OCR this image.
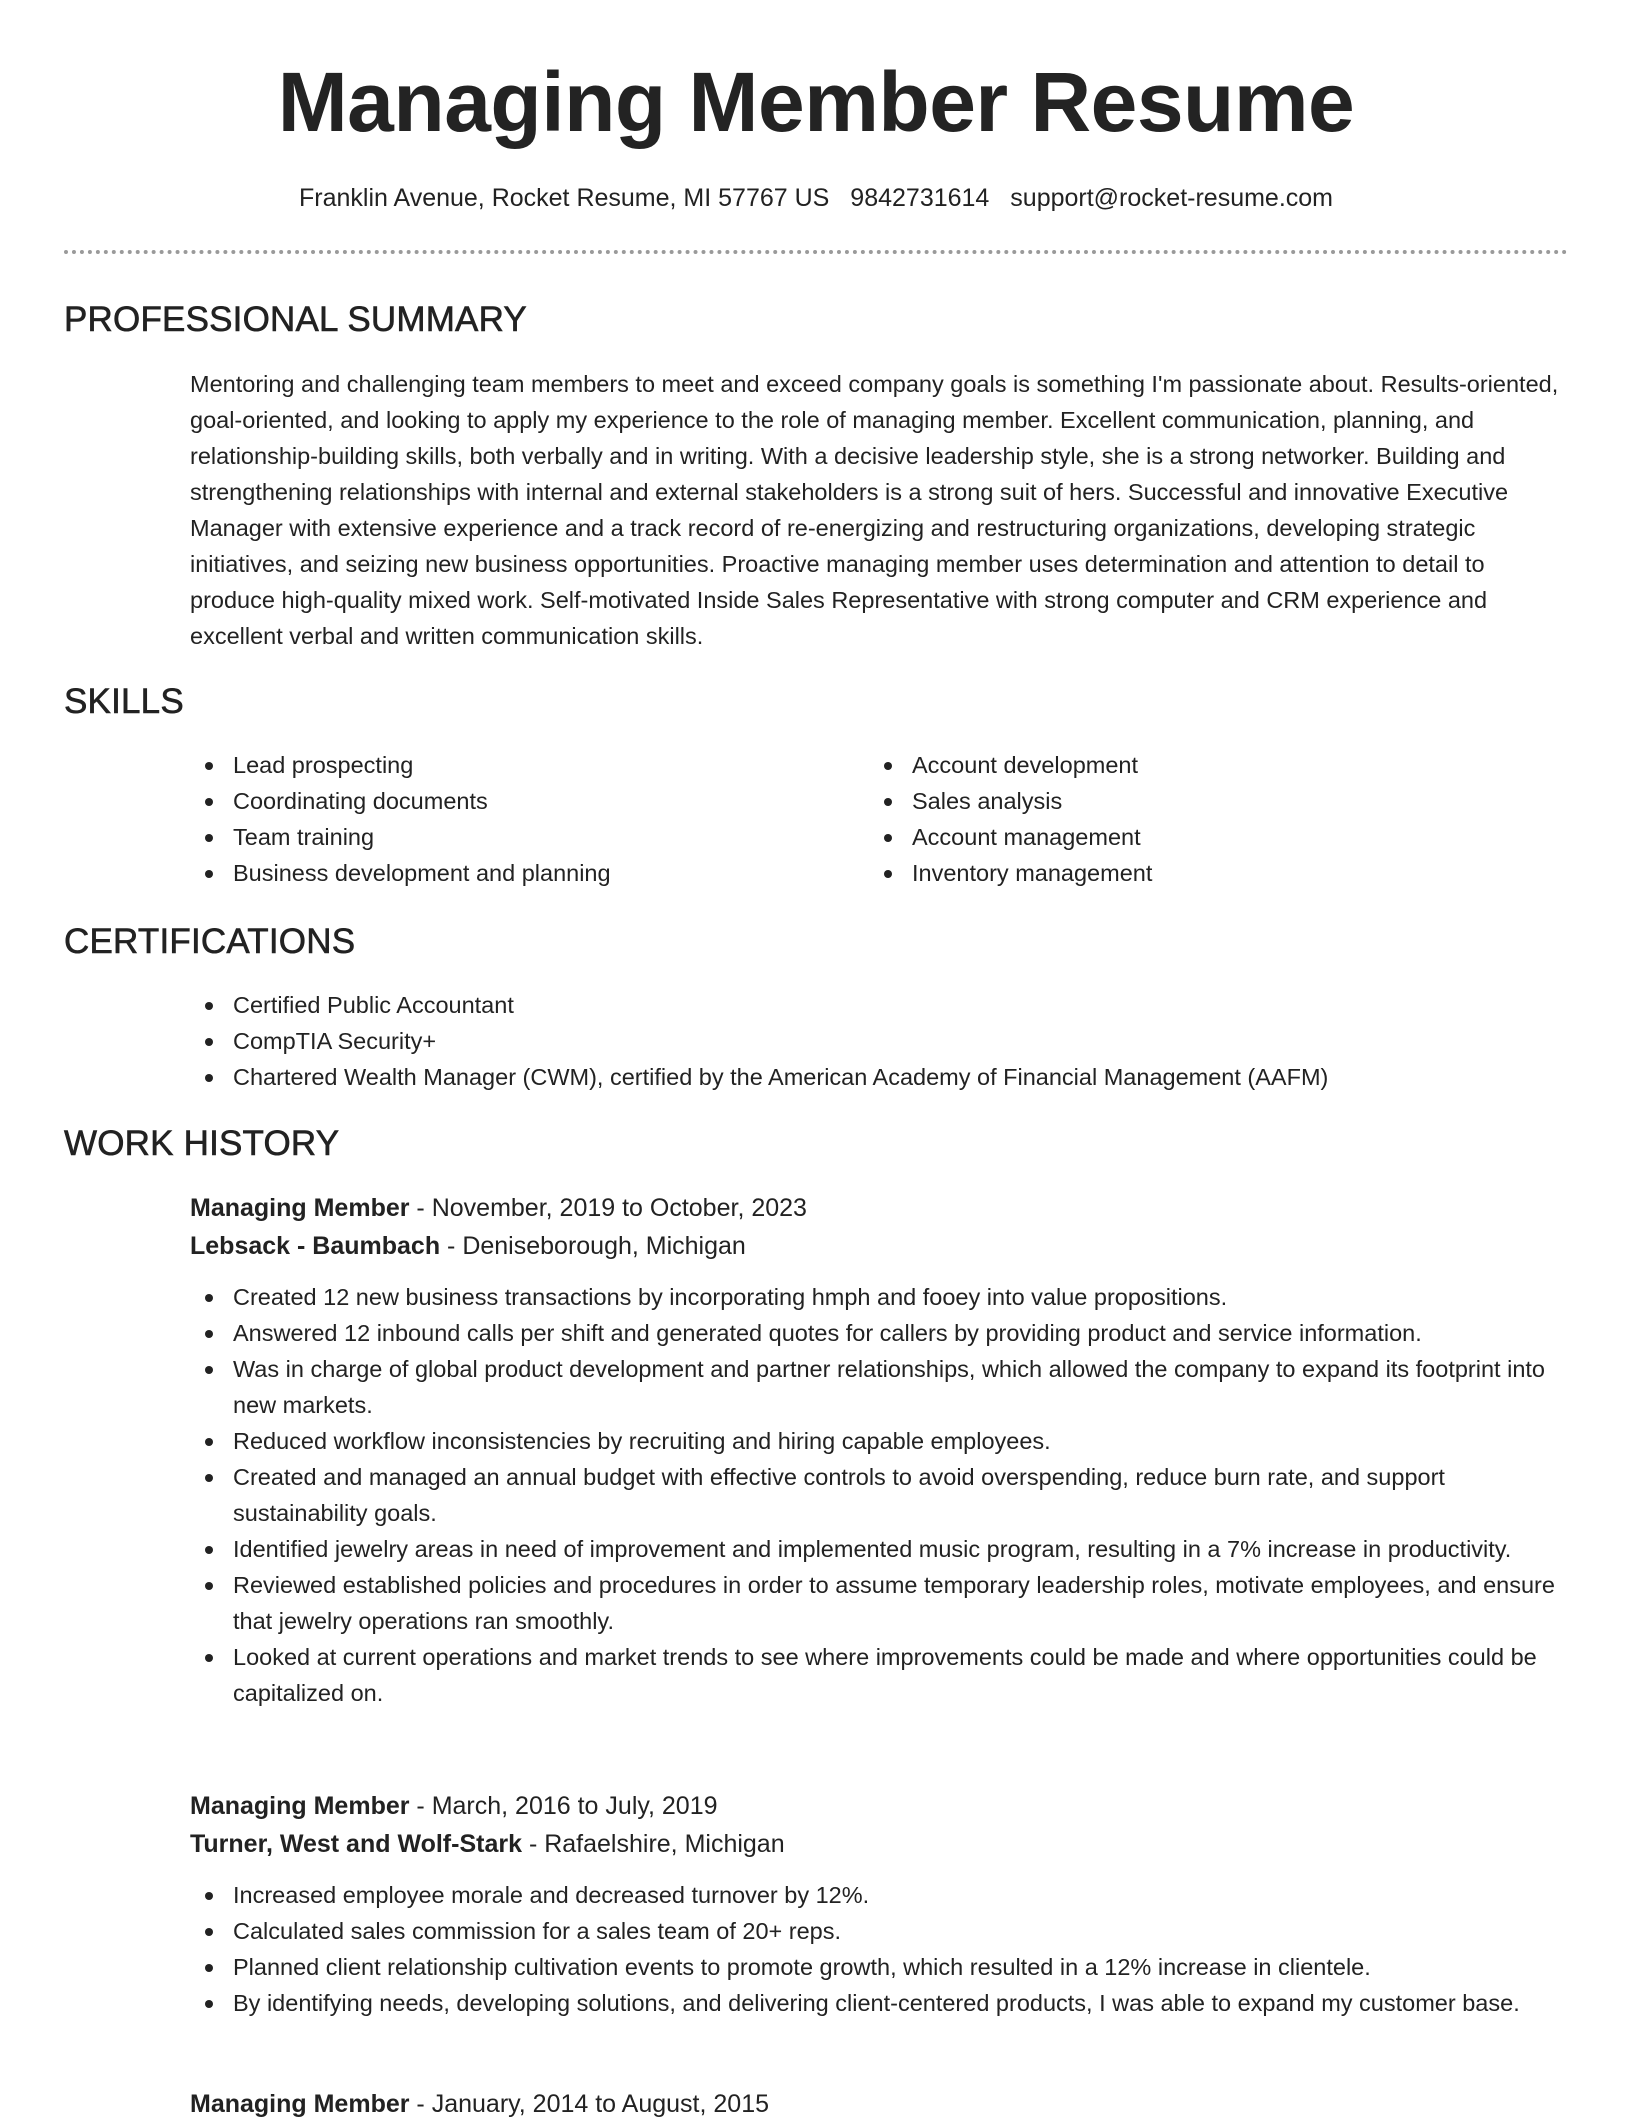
Managing Member Resume
Franklin Avenue, Rocket Resume, MI 57767 US 9842731614 support@rocket-resume.com
PROFESSIONAL SUMMARY

Mentoring and challenging team members to meet and exceed company goals is something I'm passionate about. Results-oriented, goal-oriented, and looking to apply my experience to the role of managing member. Excellent communication, planning, and relationship-building skills, both verbally and in writing. With a decisive leadership style, she is a strong networker. Building and strengthening relationships with internal and external stakeholders is a strong suit of hers. Successful and innovative Executive Manager with extensive experience and a track record of re-energizing and restructuring organizations, developing strategic initiatives, and seizing new business opportunities. Proactive managing member uses determination and attention to detail to produce high-quality mixed work. Self-motivated Inside Sales Representative with strong computer and CRM experience and excellent verbal and written communication skills.

SKILLS
Lead prospecting
Coordinating documents
Team training
Business development and planning
Account development
Sales analysis
Account management
Inventory management
CERTIFICATIONS
Certified Public Accountant
CompTIA Security+
Chartered Wealth Manager (CWM), certified by the American Academy of Financial Management (AAFM)
WORK HISTORY
Managing Member - November, 2019 to October, 2023
Lebsack - Baumbach - Deniseborough, Michigan
Created 12 new business transactions by incorporating hmph and fooey into value propositions.
Answered 12 inbound calls per shift and generated quotes for callers by providing product and service information.
Was in charge of global product development and partner relationships, which allowed the company to expand its footprint into new markets.
Reduced workflow inconsistencies by recruiting and hiring capable employees.
Created and managed an annual budget with effective controls to avoid overspending, reduce burn rate, and support sustainability goals.
Identified jewelry areas in need of improvement and implemented music program, resulting in a 7% increase in productivity.
Reviewed established policies and procedures in order to assume temporary leadership roles, motivate employees, and ensure that jewelry operations ran smoothly.
Looked at current operations and market trends to see where improvements could be made and where opportunities could be capitalized on.
Managing Member - March, 2016 to July, 2019
Turner, West and Wolf-Stark - Rafaelshire, Michigan
Increased employee morale and decreased turnover by 12%.
Calculated sales commission for a sales team of 20+ reps.
Planned client relationship cultivation events to promote growth, which resulted in a 12% increase in clientele.
By identifying needs, developing solutions, and delivering client-centered products, I was able to expand my customer base.
Managing Member - January, 2014 to August, 2015
